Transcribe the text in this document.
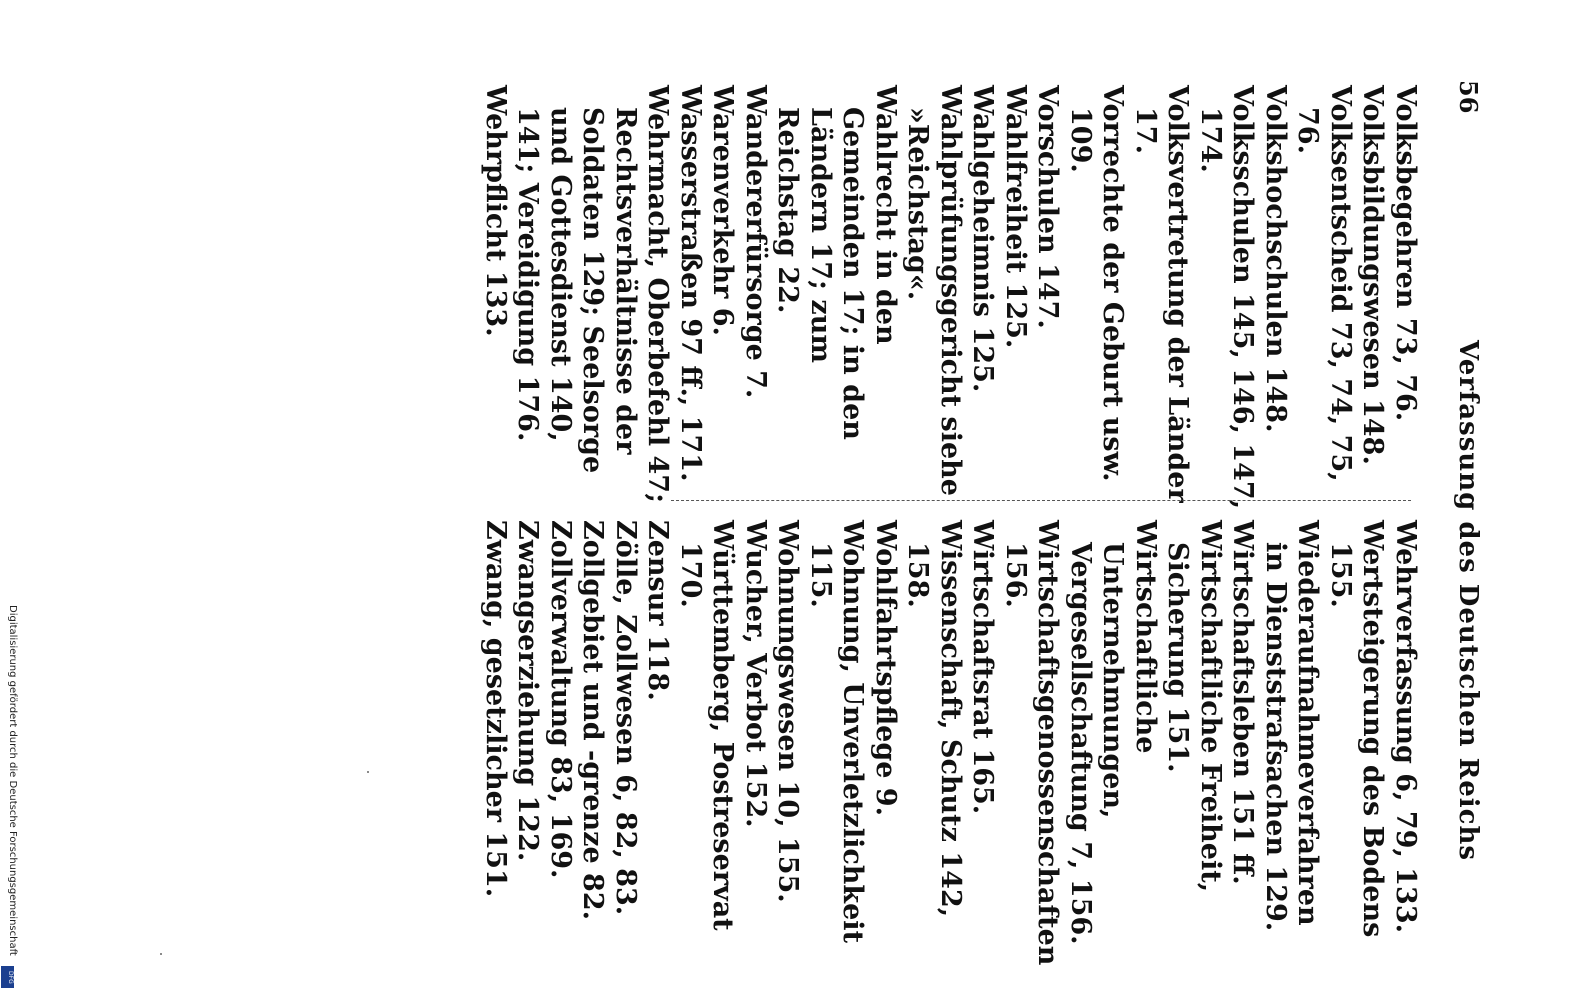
56
Verfassung des Deutschen Reichs

Volksbegehren 73, 76.

Volksbildungswesen 148.

Volksentscheid 73, 74, 75, 76.

Volkshochschulen 148.

Volksschulen 145, 146, 147, 174.

Volksvertretung der Länder 17.

Vorrechte der Geburt usw. 109.

Vorschulen 147.

Wahlfreiheit 125.

Wahlgeheimnis 125.

Wahlprüfungsgericht siehe »Reichstag«.

Wahlrecht in den Gemeinden 17; in den Ländern 17; zum Reichstag 22.

Wandererfürsorge 7.

Warenverkehr 6.

Wasserstraßen 97 ff., 171.

Wehrmacht, Oberbefehl 47; Rechtsverhältnisse der Soldaten 129; Seelsorge und Gottesdienst 140, 141; Vereidigung 176.

Wehrpflicht 133.

Wehrverfassung 6, 79, 133.

Wertsteigerung des Bodens 155.

Wiederaufnahmeverfahren in Dienststrafsachen 129.

Wirtschaftsleben 151 ff.

Wirtschaftliche Freiheit, Sicherung 151.

Wirtschaftliche Unternehmungen, Vergesellschaftung 7, 156.

Wirtschaftsgenossenschaften 156.

Wirtschaftsrat 165.

Wissenschaft, Schutz 142, 158.

Wohlfahrtspflege 9.

Wohnung, Unverletzlichkeit 115.

Wohnungswesen 10, 155.

Wucher, Verbot 152.

Württemberg, Postreservat 170.

Zensur 118.

Zölle, Zollwesen 6, 82, 83.

Zollgebiet und -grenze 82.

Zollverwaltung 83, 169.

Zwangserziehung 122.

Zwang, gesetzlicher 151.

Digitalisierung gefördert durch die Deutsche Forschungsgemeinschaft
DFG
